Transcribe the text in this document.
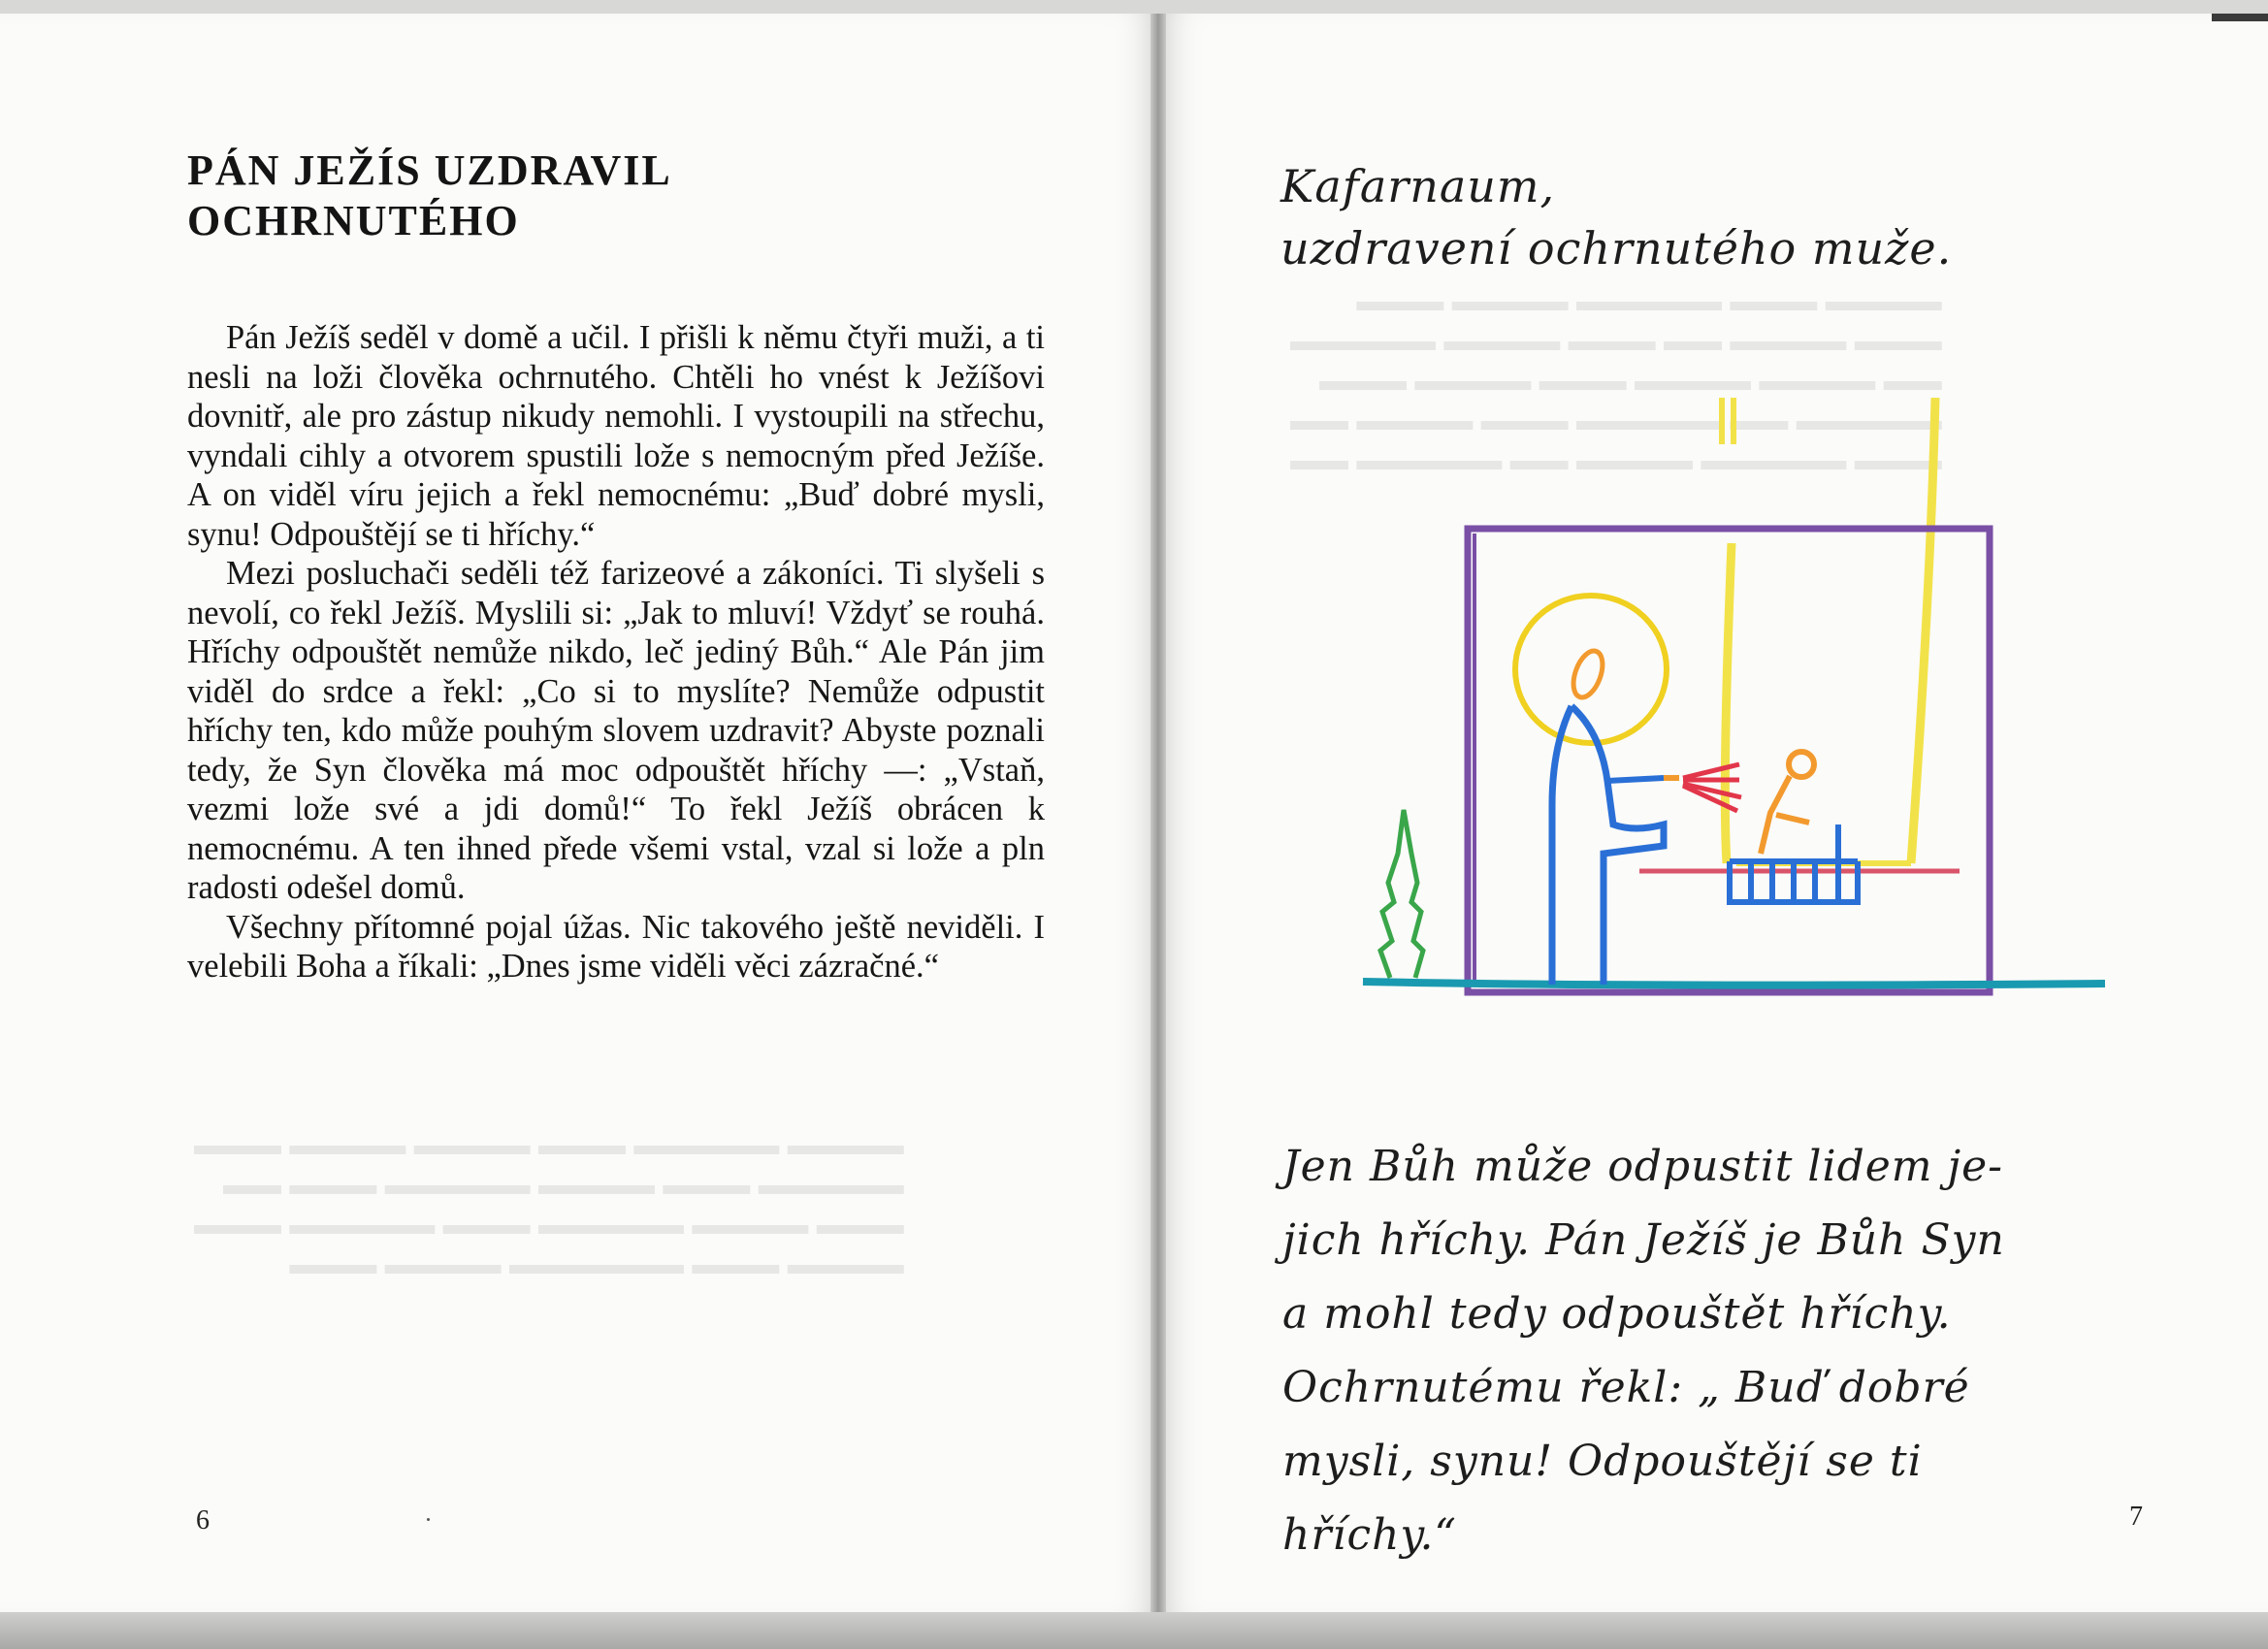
▬▬▬▬ ▬▬▬ ▬▬▬▬▬ ▬▬▬▬ ▬▬▬
▬▬▬ ▬▬▬▬ ▬▬ ▬▬▬ ▬▬▬▬ ▬▬▬▬▬
▬▬ ▬▬▬▬ ▬▬▬▬ ▬▬▬ ▬▬▬▬ ▬▬▬
▬▬▬▬▬ ▬▬ ▬▬▬▬▬ ▬▬▬ ▬▬▬▬ ▬▬
▬▬▬ ▬▬▬▬▬ ▬▬▬▬ ▬▬ ▬▬▬▬▬ ▬▬
▬▬▬▬ ▬▬▬▬▬ ▬▬▬ ▬▬▬▬ ▬▬▬▬ ▬▬▬
▬▬▬▬▬ ▬▬▬ ▬▬▬▬ ▬▬▬▬▬ ▬▬▬ ▬▬
▬▬▬ ▬▬▬▬ ▬▬▬▬▬ ▬▬▬ ▬▬▬▬▬ ▬▬▬
▬▬▬▬ ▬▬▬ ▬▬▬▬▬▬ ▬▬▬▬ ▬▬▬
PÁN JEŽÍS UZDRAVIL
OCHRNUTÉHO

Pán Ježíš seděl v domě a učil. I přišli k němu čtyři muži, a ti nesli na loži člověka ochrnutého. Chtěli ho vnést k Ježíšovi dovnitř, ale pro zástup nikudy nemohli. I vystoupili na střechu, vyndali cihly a otvorem spustili lože s nemocným před Ježíše. A on viděl víru jejich a řekl nemocnému: „Buď dobré mysli, synu! Odpouštějí se ti hříchy.“

Mezi posluchači seděli též farizeové a zákoníci. Ti slyšeli s nevolí, co řekl Ježíš. Myslili si: „Jak to mluví! Vždyť se rouhá. Hříchy odpouštět nemůže nikdo, leč jediný Bůh.“ Ale Pán jim viděl do srdce a řekl: „Co si to myslíte? Nemůže odpustit hříchy ten, kdo může pouhým slovem uzdravit? Abyste poznali tedy, že Syn člověka má moc odpouštět hříchy —: „Vstaň, vezmi lože své a jdi domů!“ To řekl Ježíš obrácen k nemocnému. A ten ihned přede všemi vstal, vzal si lože a pln radosti odešel domů.

Všechny přítomné pojal úžas. Nic takového ještě neviděli. I velebili Boha a říkali: „Dnes jsme viděli věci zázračné.“

6
Kafarnaum,
uzdravení ochrnutého muže.
Jen Bůh může odpustit lidem je-
jich hříchy. Pán Ježíš je Bůh Syn
a mohl tedy odpouštět hříchy.
Ochrnutému řekl: „ Buď dobré
mysli, synu! Odpouštějí se ti
hříchy.“	7
